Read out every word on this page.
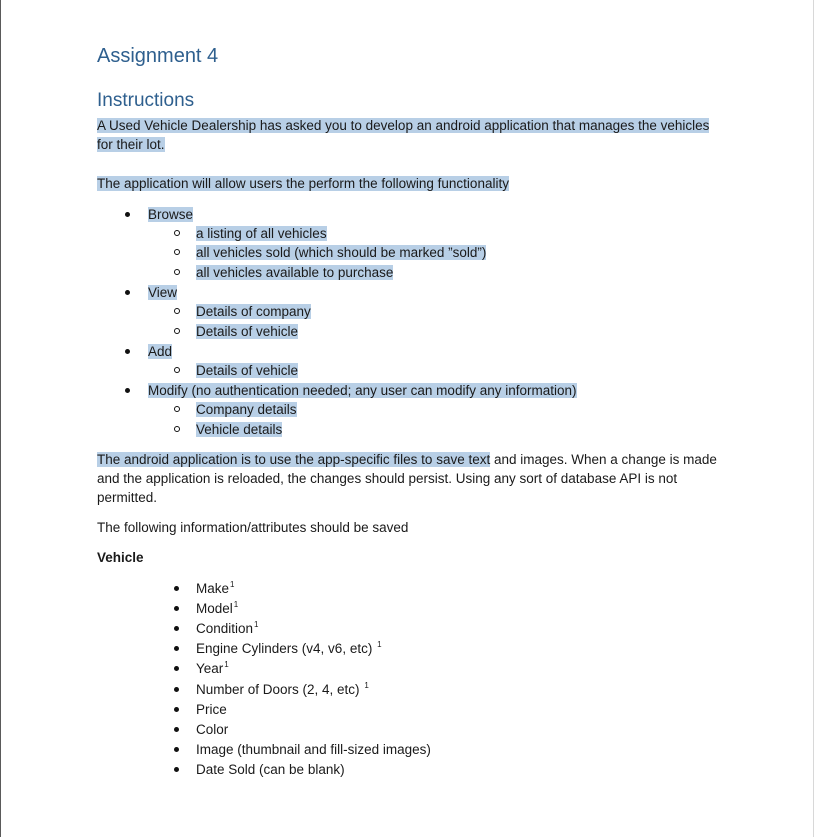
Assignment 4
Instructions

A Used Vehicle Dealership has asked you to develop an android application that manages the vehicles
for their lot.

The application will allow users the perform the following functionality

Browse
a listing of all vehicles
all vehicles sold (which should be marked ”sold”)
all vehicles available to purchase
View
Details of company
Details of vehicle
Add
Details of vehicle
Modify (no authentication needed; any user can modify any information)
Company details
Vehicle details

The android application is to use the app-specific files to save text and images. When a change is made
and the application is reloaded, the changes should persist. Using any sort of database API is not
permitted.

The following information/attributes should be saved

Vehicle
Make$^1$
Model$^1$
Condition$^1$
Engine Cylinders (v4, v6, etc) $^1$
Year$^1$
Number of Doors (2, 4, etc) $^1$
Price
Color
Image (thumbnail and fill-sized images)
Date Sold (can be blank)
